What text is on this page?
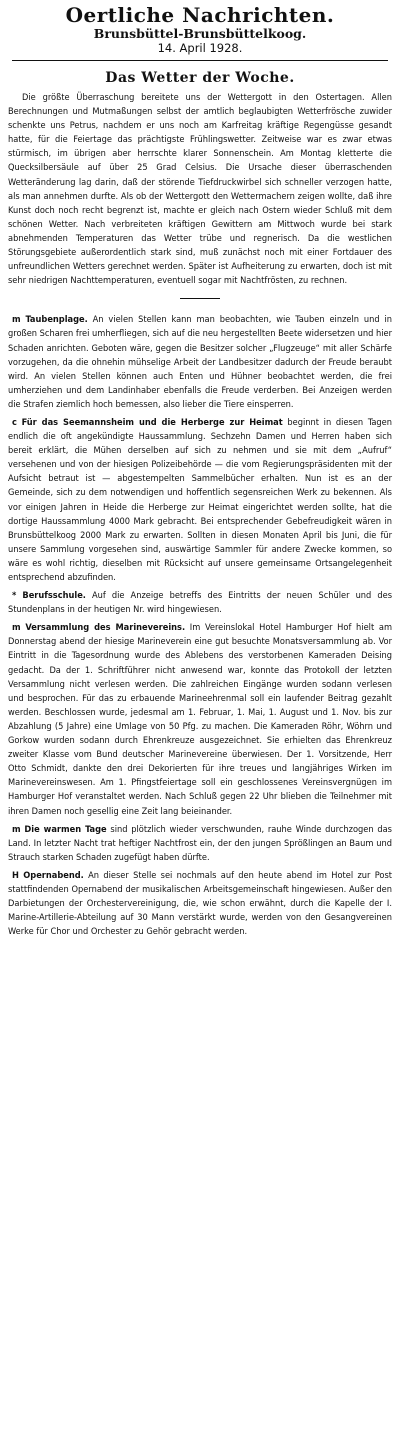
Oertliche Nachrichten.

Brunsbüttel-Brunsbüttelkoog.

14. April 1928.

Das Wetter der Woche.

Die größte Überraschung bereitete uns der Wettergott in den Ostertagen. Allen Berechnungen und Mutmaßungen selbst der amtlich beglaubigten Wetterfrösche zuwider schenkte uns Petrus, nachdem er uns noch am Karfreitag kräftige Regengüsse gesandt hatte, für die Feiertage das prächtigste Frühlingswetter. Zeitweise war es zwar etwas stürmisch, im übrigen aber herrschte klarer Sonnenschein. Am Montag kletterte die Quecksilbersäule auf über 25 Grad Celsius. Die Ursache dieser überraschenden Wetteränderung lag darin, daß der störende Tiefdruckwirbel sich schneller verzogen hatte, als man annehmen durfte. Als ob der Wettergott den Wettermachern zeigen wollte, daß ihre Kunst doch noch recht begrenzt ist, machte er gleich nach Ostern wieder Schluß mit dem schönen Wetter. Nach verbreiteten kräftigen Gewittern am Mittwoch wurde bei stark abnehmenden Temperaturen das Wetter trübe und regnerisch. Da die westlichen Störungsgebiete außerordentlich stark sind, muß zunächst noch mit einer Fortdauer des unfreundlichen Wetters gerechnet werden. Später ist Aufheiterung zu erwarten, doch ist mit sehr niedrigen Nachttemperaturen, eventuell sogar mit Nachtfrösten, zu rechnen.

m Taubenplage. An vielen Stellen kann man beobachten, wie Tauben einzeln und in großen Scharen frei umherfliegen, sich auf die neu hergestellten Beete widersetzen und hier Schaden anrichten. Geboten wäre, gegen die Besitzer solcher „Flugzeuge“ mit aller Schärfe vorzugehen, da die ohnehin mühselige Arbeit der Landbesitzer dadurch der Freude beraubt wird. An vielen Stellen können auch Enten und Hühner beobachtet werden, die frei umherziehen und dem Landinhaber ebenfalls die Freude verderben. Bei Anzeigen werden die Strafen ziemlich hoch bemessen, also lieber die Tiere einsperren.

c Für das Seemannsheim und die Herberge zur Heimat beginnt in diesen Tagen endlich die oft angekündigte Haussammlung. Sechzehn Damen und Herren haben sich bereit erklärt, die Mühen derselben auf sich zu nehmen und sie mit dem „Aufruf“ versehenen und von der hiesigen Polizeibehörde — die vom Regierungspräsidenten mit der Aufsicht betraut ist — abgestempelten Sammelbücher erhalten. Nun ist es an der Gemeinde, sich zu dem notwendigen und hoffentlich segensreichen Werk zu bekennen. Als vor einigen Jahren in Heide die Herberge zur Heimat eingerichtet werden sollte, hat die dortige Haussammlung 4000 Mark gebracht. Bei entsprechender Gebefreudigkeit wären in Brunsbüttelkoog 2000 Mark zu erwarten. Sollten in diesen Monaten April bis Juni, die für unsere Sammlung vorgesehen sind, auswärtige Sammler für andere Zwecke kommen, so wäre es wohl richtig, dieselben mit Rücksicht auf unsere gemeinsame Ortsangelegenheit entsprechend abzufinden.

* Berufsschule. Auf die Anzeige betreffs des Eintritts der neuen Schüler und des Stundenplans in der heutigen Nr. wird hingewiesen.

m Versammlung des Marinevereins. Im Vereinslokal Hotel Hamburger Hof hielt am Donnerstag abend der hiesige Marineverein eine gut besuchte Monatsversammlung ab. Vor Eintritt in die Tagesordnung wurde des Ablebens des verstorbenen Kameraden Deising gedacht. Da der 1. Schriftführer nicht anwesend war, konnte das Protokoll der letzten Versammlung nicht verlesen werden. Die zahlreichen Eingänge wurden sodann verlesen und besprochen. Für das zu erbauende Marineehrenmal soll ein laufender Beitrag gezahlt werden. Beschlossen wurde, jedesmal am 1. Februar, 1. Mai, 1. August und 1. Nov. bis zur Abzahlung (5 Jahre) eine Umlage von 50 Pfg. zu machen. Die Kameraden Röhr, Wöhrn und Gorkow wurden sodann durch Ehrenkreuze ausgezeichnet. Sie erhielten das Ehrenkreuz zweiter Klasse vom Bund deutscher Marinevereine überwiesen. Der 1. Vorsitzende, Herr Otto Schmidt, dankte den drei Dekorierten für ihre treues und langjähriges Wirken im Marinevereinswesen. Am 1. Pfingstfeiertage soll ein geschlossenes Vereinsvergnügen im Hamburger Hof veranstaltet werden. Nach Schluß gegen 22 Uhr blieben die Teilnehmer mit ihren Damen noch gesellig eine Zeit lang beieinander.

m Die warmen Tage sind plötzlich wieder verschwunden, rauhe Winde durchzogen das Land. In letzter Nacht trat heftiger Nachtfrost ein, der den jungen Sprößlingen an Baum und Strauch starken Schaden zugefügt haben dürfte.

H Opernabend. An dieser Stelle sei nochmals auf den heute abend im Hotel zur Post stattfindenden Opernabend der musikalischen Arbeitsgemeinschaft hingewiesen. Außer den Darbietungen der Orchestervereinigung, die, wie schon erwähnt, durch die Kapelle der I. Marine-Artillerie-Abteilung auf 30 Mann verstärkt wurde, werden von den Gesangvereinen Werke für Chor und Orchester zu Gehör gebracht werden.
